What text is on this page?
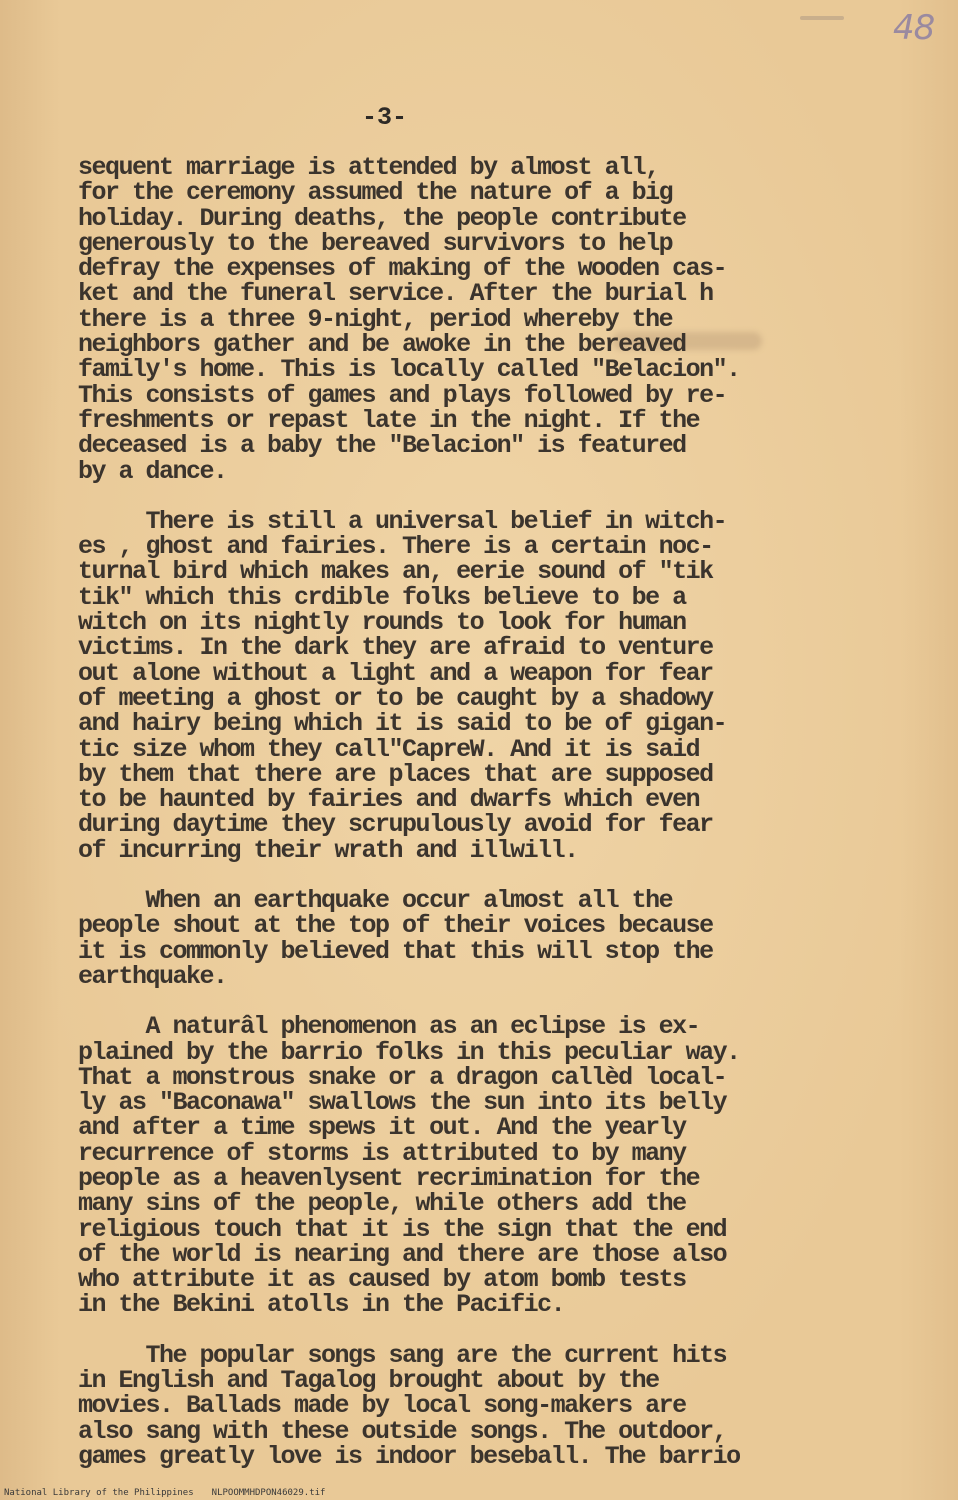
48
-3-
sequent marriage is attended by almost all,
for the ceremony assumed the nature of a big
holiday. During deaths, the people contribute
generously to the bereaved survivors to help
defray the expenses of making of the wooden cas-
ket and the funeral service. After the burial h
there is a three 9-night, period whereby the
neighbors gather and be awoke in the bereaved
family's home. This is locally called "Belacion".
This consists of games and plays followed by re-
freshments or repast late in the night. If the
deceased is a baby the "Belacion" is featured
by a dance.
There is still a universal belief in witch-
es , ghost and fairies. There is a certain noc-
turnal bird which makes an, eerie sound of "tik
tik" which this crdible folks believe to be a
witch on its nightly rounds to look for human
victims. In the dark they are afraid to venture
out alone without a light and a weapon for fear
of meeting a ghost or to be caught by a shadowy
and hairy being which it is said to be of gigan-
tic size whom they call"CapreW. And it is said
by them that there are places that are supposed
to be haunted by fairies and dwarfs which even
during daytime they scrupulously avoid for fear
of incurring their wrath and illwill.
When an earthquake occur almost all the
people shout at the top of their voices because
it is commonly believed that this will stop the
earthquake.
A naturâl phenomenon as an eclipse is ex-
plained by the barrio folks in this peculiar way.
That a monstrous snake or a dragon callèd local-
ly as "Baconawa" swallows the sun into its belly
and after a time spews it out. And the yearly
recurrence of storms is attributed to by many
people as a heavenlysent recrimination for the
many sins of the people, while others add the
religious touch that it is the sign that the end
of the world is nearing and there are those also
who attribute it as caused by atom bomb tests
in the Bekini atolls in the Pacific.
The popular songs sang are the current hits
in English and Tagalog brought about by the
movies. Ballads made by local song-makers are
also sang with these outside songs. The outdoor,
games greatly love is indoor beseball. The barrio
National Library of the Philippines NLPOOMMHDPON46029.tif
